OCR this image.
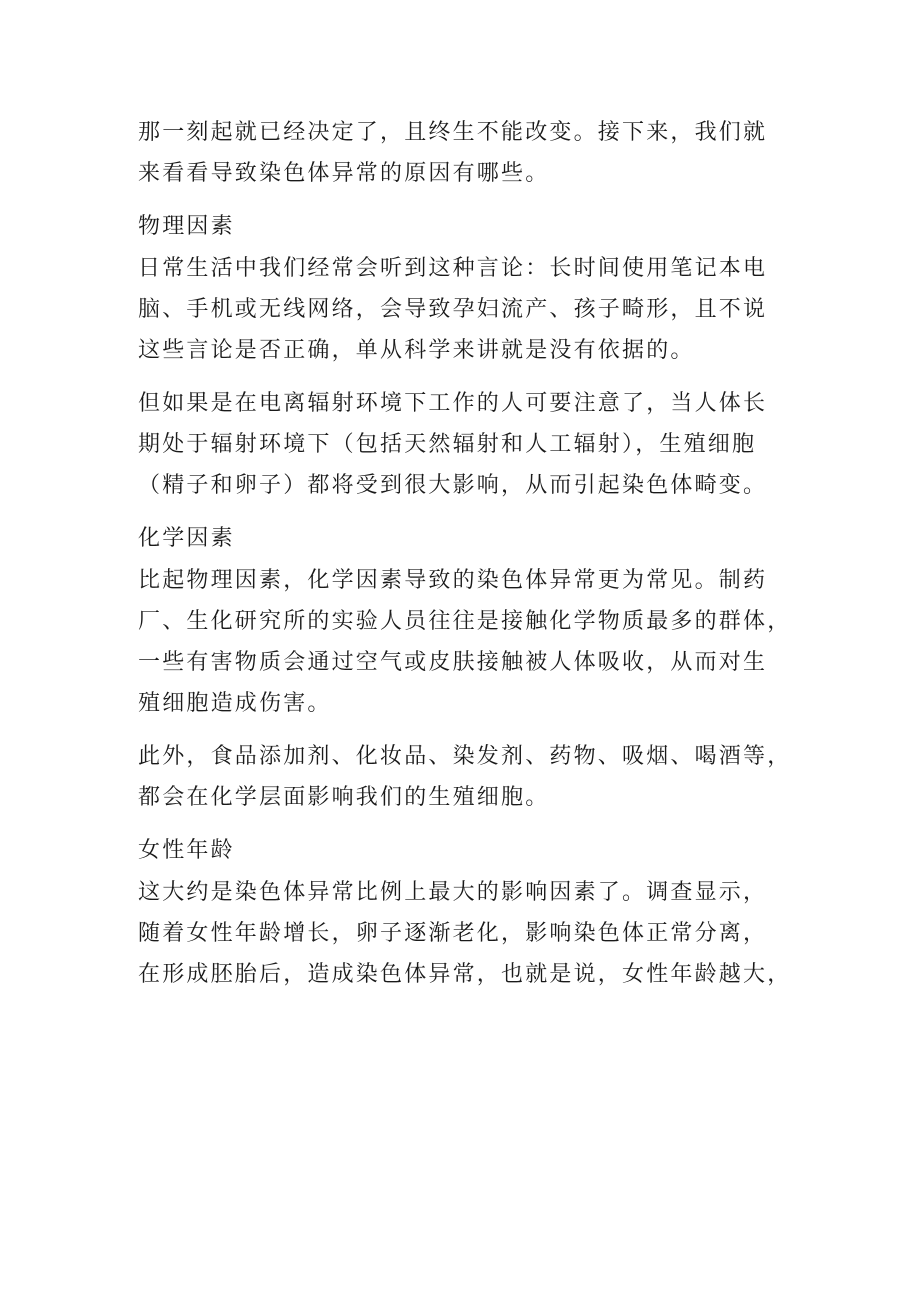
那一刻起就已经决定了，且终生不能改变。接下来，我们就
来看看导致染色体异常的原因有哪些。
物理因素
日常生活中我们经常会听到这种言论：长时间使用笔记本电
脑、手机或无线网络，会导致孕妇流产、孩子畸形，且不说
这些言论是否正确，单从科学来讲就是没有依据的。
但如果是在电离辐射环境下工作的人可要注意了，当人体长
期处于辐射环境下（包括天然辐射和人工辐射），生殖细胞
（精子和卵子）都将受到很大影响，从而引起染色体畸变。
化学因素
比起物理因素，化学因素导致的染色体异常更为常见。制药
厂、生化研究所的实验人员往往是接触化学物质最多的群体，
一些有害物质会通过空气或皮肤接触被人体吸收，从而对生
殖细胞造成伤害。
此外，食品添加剂、化妆品、染发剂、药物、吸烟、喝酒等，
都会在化学层面影响我们的生殖细胞。
女性年龄
这大约是染色体异常比例上最大的影响因素了。调查显示，
随着女性年龄增长，卵子逐渐老化，影响染色体正常分离，
在形成胚胎后，造成染色体异常，也就是说，女性年龄越大，
